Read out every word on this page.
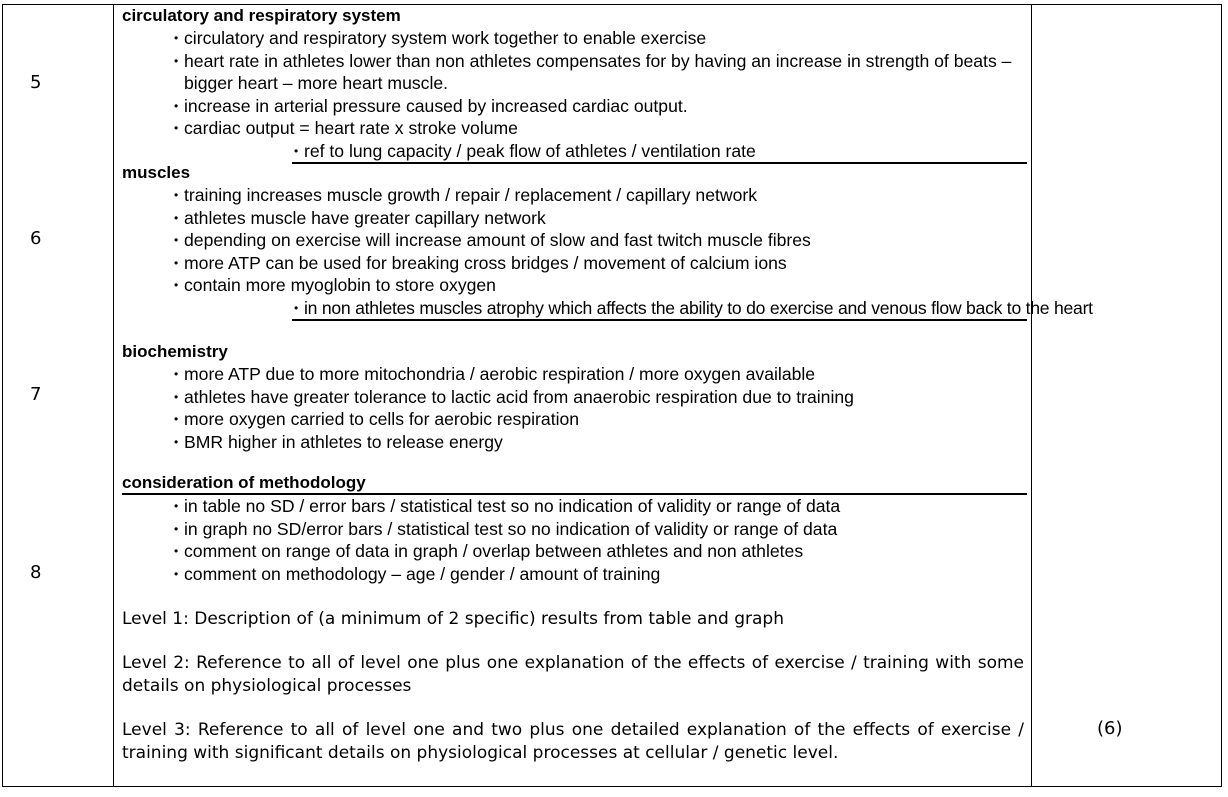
5
6
7
8
circulatory and respiratory system
• circulatory and respiratory system work together to enable exercise
• heart rate in athletes lower than non athletes compensates for by having an increase in strength of beats – bigger heart – more heart muscle.
• increase in arterial pressure caused by increased cardiac output.
• cardiac output = heart rate x stroke volume
• ref to lung capacity / peak flow of athletes / ventilation rate
muscles
• training increases muscle growth / repair / replacement / capillary network
• athletes muscle have greater capillary network
• depending on exercise will increase amount of slow and fast twitch muscle fibres
• more ATP can be used for breaking cross bridges / movement of calcium ions
• contain more myoglobin to store oxygen
• in non athletes muscles atrophy which affects the ability to do exercise and venous flow back to the heart
biochemistry
• more ATP due to more mitochondria / aerobic respiration / more oxygen available
• athletes have greater tolerance to lactic acid from anaerobic respiration due to training
• more oxygen carried to cells for aerobic respiration
• BMR higher in athletes to release energy
consideration of methodology
• in table no SD / error bars / statistical test so no indication of validity or range of data
• in graph no SD/error bars / statistical test so no indication of validity or range of data
• comment on range of data in graph / overlap between athletes and non athletes
• comment on methodology – age / gender / amount of training
Level 1: Description of (a minimum of 2 specific) results from table and graph
Level 2: Reference to all of level one plus one explanation of the effects of exercise / training with some details on physiological processes
Level 3: Reference to all of level one and two plus one detailed explanation of the effects of exercise / training with significant details on physiological processes at cellular / genetic level.
(6)
